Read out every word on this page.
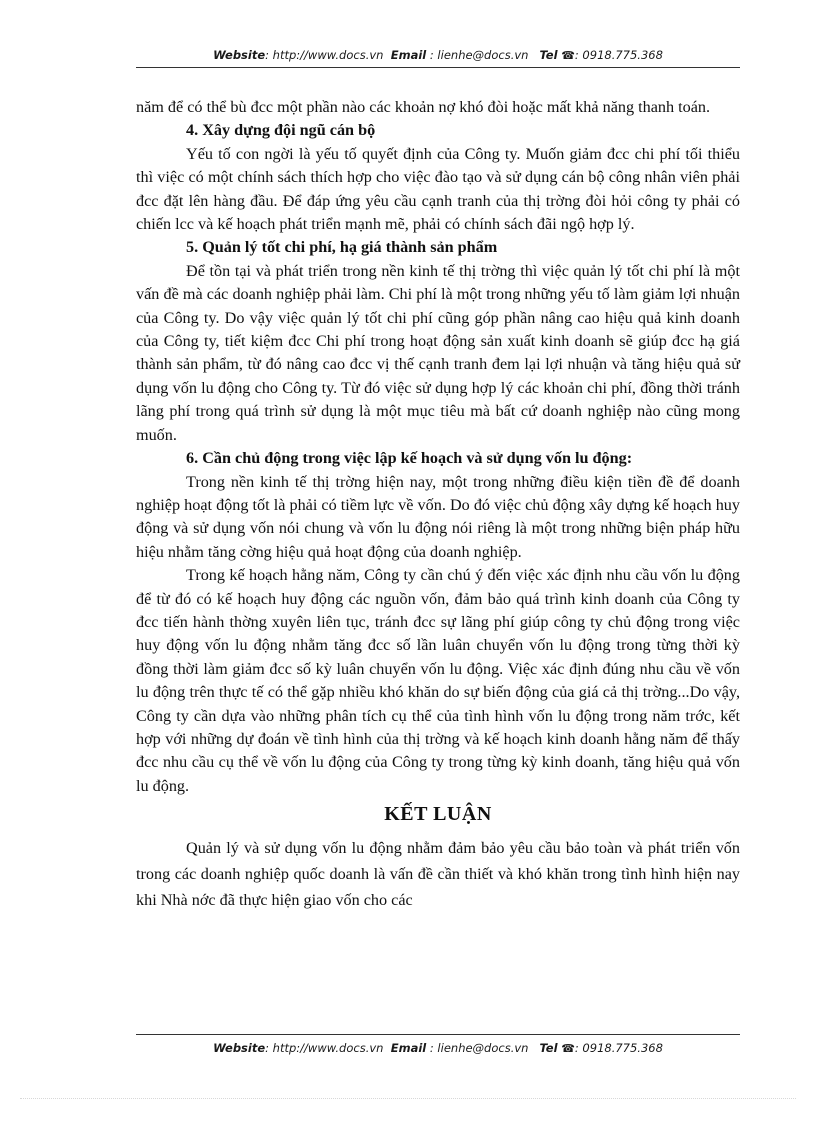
Website: http://www.docs.vn Email : lienhe@docs.vn Tel ☎: 0918.775.368

năm để có thể bù đcc một phần nào các khoản nợ khó đòi hoặc mất khả năng thanh toán.

4. Xây dựng đội ngũ cán bộ

Yếu tố con ngời là yếu tố quyết định của Công ty. Muốn giảm đcc chi phí tối thiểu thì việc có một chính sách thích hợp cho việc đào tạo và sử dụng cán bộ công nhân viên phải đcc đặt lên hàng đầu. Để đáp ứng yêu cầu cạnh tranh của thị trờng đòi hỏi công ty phải có chiến lcc và kế hoạch phát triển mạnh mẽ, phải có chính sách đãi ngộ hợp lý.

5. Quản lý tốt chi phí, hạ giá thành sản phẩm

Để tồn tại và phát triển trong nền kinh tế thị trờng thì việc quản lý tốt chi phí là một vấn đề mà các doanh nghiệp phải làm. Chi phí là một trong những yếu tố làm giảm lợi nhuận của Công ty. Do vậy việc quản lý tốt chi phí cũng góp phần nâng cao hiệu quả kinh doanh của Công ty, tiết kiệm đcc Chi phí trong hoạt động sản xuất kinh doanh sẽ giúp đcc hạ giá thành sản phẩm, từ đó nâng cao đcc vị thế cạnh tranh đem lại lợi nhuận và tăng hiệu quả sử dụng vốn lu động cho Công ty. Từ đó việc sử dụng hợp lý các khoản chi phí, đồng thời tránh lãng phí trong quá trình sử dụng là một mục tiêu mà bất cứ doanh nghiệp nào cũng mong muốn.

6. Cần chủ động trong việc lập kế hoạch và sử dụng vốn lu động:

Trong nền kinh tế thị trờng hiện nay, một trong những điều kiện tiền đề để doanh nghiệp hoạt động tốt là phải có tiềm lực về vốn. Do đó việc chủ động xây dựng kế hoạch huy động và sử dụng vốn nói chung và vốn lu động nói riêng là một trong những biện pháp hữu hiệu nhằm tăng cờng hiệu quả hoạt động của doanh nghiệp.

Trong kế hoạch hằng năm, Công ty cần chú ý đến việc xác định nhu cầu vốn lu động để từ đó có kế hoạch huy động các nguồn vốn, đảm bảo quá trình kinh doanh của Công ty đcc tiến hành thờng xuyên liên tục, tránh đcc sự lãng phí giúp công ty chủ động trong việc huy động vốn lu động nhằm tăng đcc số lần luân chuyển vốn lu động trong từng thời kỳ đồng thời làm giảm đcc số kỳ luân chuyển vốn lu động. Việc xác định đúng nhu cầu về vốn lu động trên thực tế có thể gặp nhiều khó khăn do sự biến động của giá cả thị trờng...Do vậy, Công ty cần dựa vào những phân tích cụ thể của tình hình vốn lu động trong năm trớc, kết hợp với những dự đoán về tình hình của thị trờng và kế hoạch kinh doanh hằng năm để thấy đcc nhu cầu cụ thể về vốn lu động của Công ty trong từng kỳ kinh doanh, tăng hiệu quả vốn lu động.

KẾT LUẬN

Quản lý và sử dụng vốn lu động nhằm đảm bảo yêu cầu bảo toàn và phát triển vốn trong các doanh nghiệp quốc doanh là vấn đề cần thiết và khó khăn trong tình hình hiện nay khi Nhà nớc đã thực hiện giao vốn cho các

Website: http://www.docs.vn Email : lienhe@docs.vn Tel ☎: 0918.775.368
